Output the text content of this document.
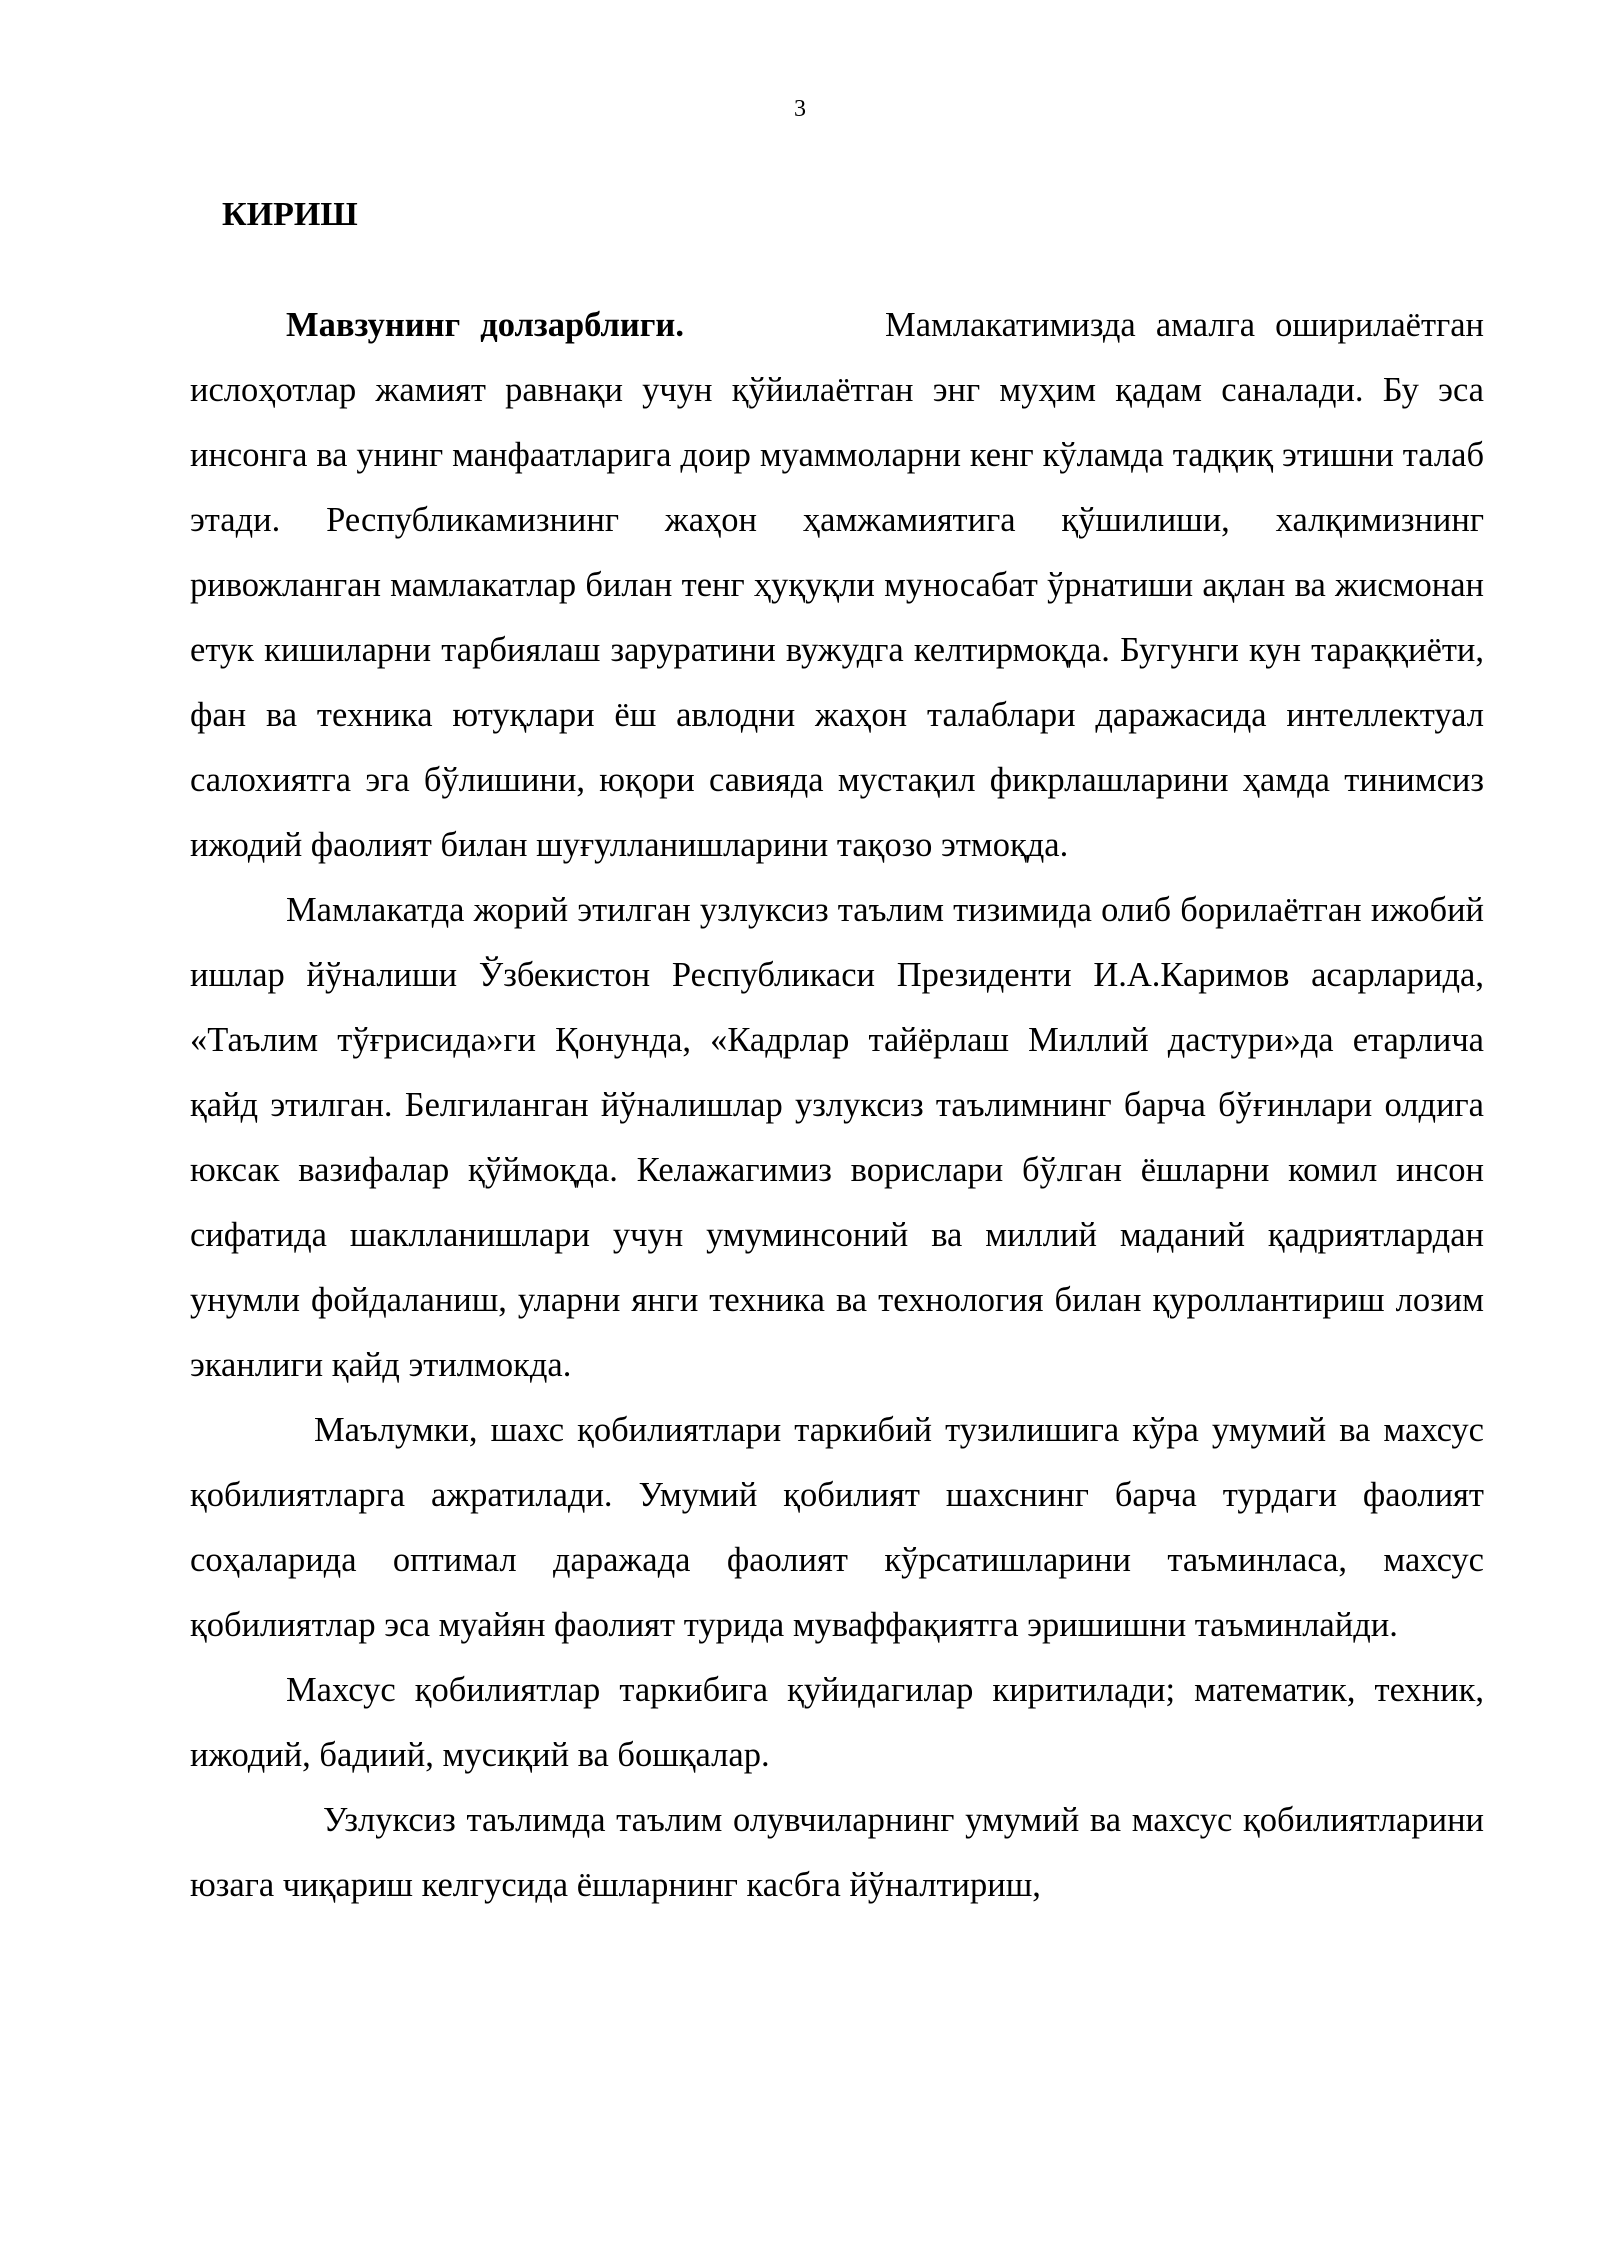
3
КИРИШ

Мавзунинг долзарблиги.	Мамлакатимизда амалга оширилаётган ислоҳотлар жамият равнақи учун қўйилаётган энг муҳим қадам саналади. Бу эса инсонга ва унинг манфаатларига доир муаммоларни кенг кўламда тадқиқ этишни талаб этади. Республикамизнинг жаҳон ҳамжамиятига қўшилиши, халқимизнинг ривожланган мамлакатлар билан тенг ҳуқуқли муносабат ўрнатиши ақлан ва жисмонан етук кишиларни тарбиялаш заруратини вужудга келтирмоқда. Бугунги кун тараққиёти, фан ва техника ютуқлари ёш авлодни жаҳон талаблари даражасида интеллектуал салохиятга эга бўлишини, юқори савияда мустақил фикрлашларини ҳамда тинимсиз ижодий фаолият билан шуғулланишларини тақозо этмоқда.

Мамлакатда жорий этилган узлуксиз таълим тизимида олиб борилаётган ижобий ишлар йўналиши Ўзбекистон Республикаси Президенти И.А.Каримов асарларида, «Таълим тўғрисида»ги Қонунда, «Кадрлар тайёрлаш Миллий дастури»да етарлича қайд этилган. Белгиланган йўналишлар узлуксиз таълимнинг барча бўғинлари олдига юксак вазифалар қўймоқда. Келажагимиз ворислари бўлган ёшларни комил инсон сифатида шаклланишлари учун умуминсоний ва миллий маданий қадриятлардан унумли фойдаланиш, уларни янги техника ва технология билан қуроллантириш лозим эканлиги қайд этилмокда.

Маълумки, шахс қобилиятлари таркибий тузилишига кўра умумий ва махсус қобилиятларга ажратилади. Умумий қобилият шахснинг барча турдаги фаолият соҳаларида оптимал даражада фаолият кўрсатишларини таъминласа, махсус қобилиятлар эса муайян фаолият турида муваффақиятга эришишни таъминлайди.

Махсус қобилиятлар таркибига қуйидагилар киритилади; математик, техник, ижодий, бадиий, мусиқий ва бошқалар.

Узлуксиз таълимда таълим олувчиларнинг умумий ва махсус қобилиятларини юзага чиқариш келгусида ёшларнинг касбга йўналтириш,
